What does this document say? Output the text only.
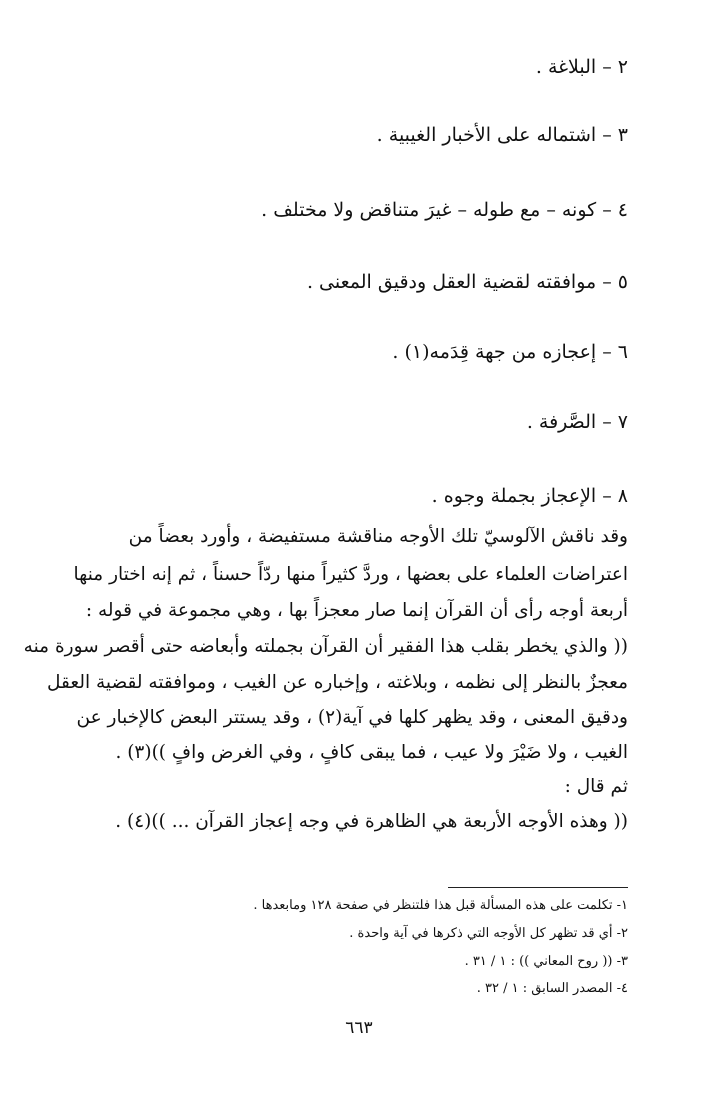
٢ – البلاغة .
٣ – اشتماله على الأخبار الغيبية .
٤ – كونه – مع طوله – غيرَ متناقض ولا مختلف .
٥ – موافقته لقضية العقل ودقيق المعنى .
٦ – إعجازه من جهة قِدَمه(١) .
٧ – الصَّرفة .
٨ – الإعجاز بجملة وجوه .
وقد ناقش الآلوسيّ تلك الأوجه مناقشة مستفيضة ، وأورد بعضاً من
اعتراضات العلماء على بعضها ، وردَّ كثيراً منها ردّاً حسناً ، ثم إنه اختار منها
أربعة أوجه رأى أن القرآن إنما صار معجزاً بها ، وهي مجموعة في قوله :
(( والذي يخطر بقلب هذا الفقير أن القرآن بجملته وأبعاضه حتى أقصر سورة منه
معجزٌ بالنظر إلى نظمه ، وبلاغته ، وإخباره عن الغيب ، وموافقته لقضية العقل
ودقيق المعنى ، وقد يظهر كلها في آية(٢) ، وقد يستتر البعض كالإخبار عن
الغيب ، ولا ضَيْرَ ولا عيب ، فما يبقى كافٍ ، وفي الغرض وافٍ ))(٣) .
ثم قال :
(( وهذه الأوجه الأربعة هي الظاهرة في وجه إعجاز القرآن ... ))(٤) .
١- تكلمت على هذه المسألة قبل هذا فلتنظر في صفحة ١٢٨ ومابعدها .
٢- أي قد تظهر كل الأوجه التي ذكرها في آية واحدة .
٣- (( روح المعاني )) : ١ / ٣١ .
٤- المصدر السابق : ١ / ٣٢ .
٦٦٣
